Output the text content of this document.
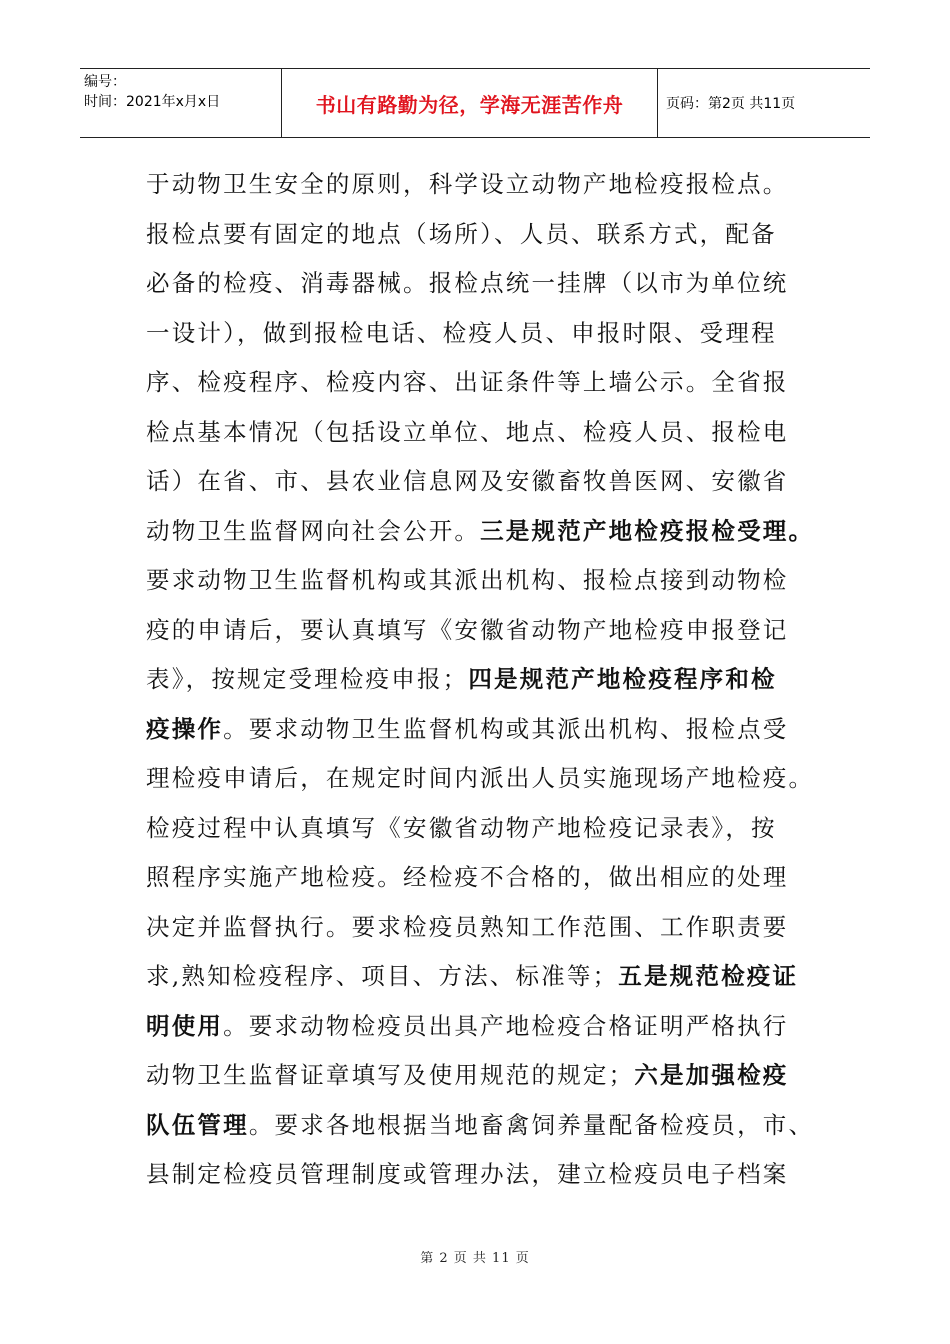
编号：
时间：2021年x月x日	书山有路勤为径，学海无涯苦作舟	页码：第2页 共11页
于动物卫生安全的原则，科学设立动物产地检疫报检点。
报检点要有固定的地点（场所）、人员、联系方式，配备
必备的检疫、消毒器械。报检点统一挂牌（以市为单位统
一设计），做到报检电话、检疫人员、申报时限、受理程
序、检疫程序、检疫内容、出证条件等上墙公示。全省报
检点基本情况（包括设立单位、地点、检疫人员、报检电
话）在省、市、县农业信息网及安徽畜牧兽医网、安徽省
动物卫生监督网向社会公开。三是规范产地检疫报检受理。
要求动物卫生监督机构或其派出机构、报检点接到动物检
疫的申请后，要认真填写《安徽省动物产地检疫申报登记
表》，按规定受理检疫申报；四是规范产地检疫程序和检
疫操作。要求动物卫生监督机构或其派出机构、报检点受
理检疫申请后，在规定时间内派出人员实施现场产地检疫。
检疫过程中认真填写《安徽省动物产地检疫记录表》，按
照程序实施产地检疫。经检疫不合格的，做出相应的处理
决定并监督执行。要求检疫员熟知工作范围、工作职责要
求,熟知检疫程序、项目、方法、标准等；五是规范检疫证
明使用。要求动物检疫员出具产地检疫合格证明严格执行
动物卫生监督证章填写及使用规范的规定；六是加强检疫
队伍管理。要求各地根据当地畜禽饲养量配备检疫员，市、
县制定检疫员管理制度或管理办法，建立检疫员电子档案
第 2 页 共 11 页
